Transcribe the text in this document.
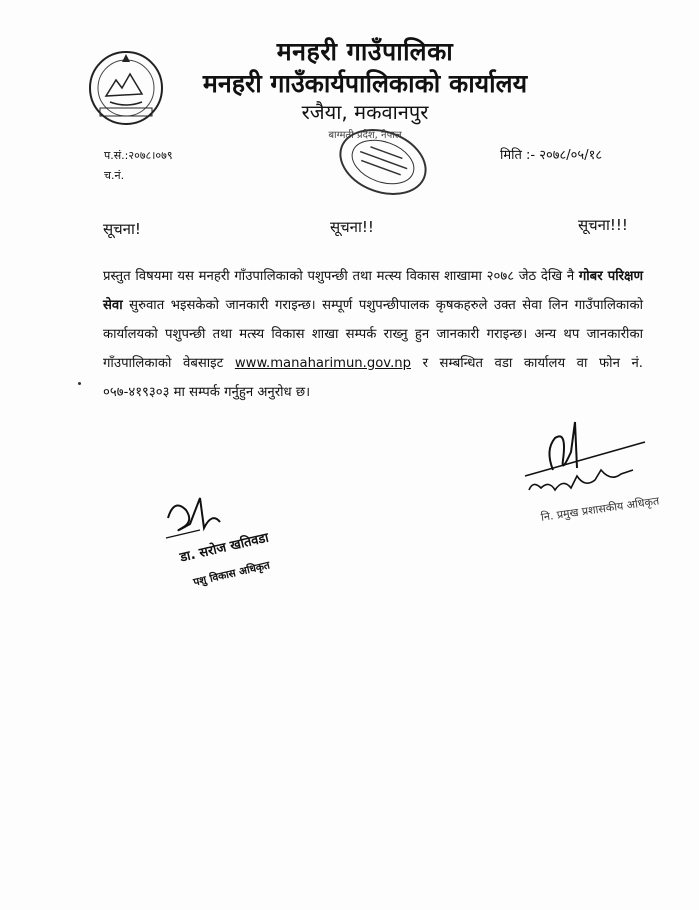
मनहरी गाउँपालिका
मनहरी गाउँकार्यपालिकाको कार्यालय
रजैया, मकवानपुर
बाग्मती प्रदेश, नेपाल
प.सं.:२०७८।०७९
च.नं.
मिति :- २०७८/०५/१८
सूचना!	सूचना!!	सूचना!!!
प्रस्तुत विषयमा यस मनहरी गाँउपालिकाको पशुपन्छी तथा मत्स्य विकास शाखामा २०७८ जेठ देखि नै गोबर परिक्षण सेवा सुरुवात भइसकेको जानकारी गराइन्छ। सम्पूर्ण पशुपन्छीपालक कृषकहरुले उक्त सेवा लिन गाउँपालिकाको कार्यालयको पशुपन्छी तथा मत्स्य विकास शाखा सम्पर्क राख्नु हुन जानकारी गराइन्छ। अन्य थप जानकारीका गाँउपालिकाको वेबसाइट www.manaharimun.gov.np र सम्बन्धित वडा कार्यालय वा फोन नं. ०५७-४१९३०३ मा सम्पर्क गर्नुहुन अनुरोध छ।
नि. प्रमुख प्रशासकीय अधिकृत
डा. सरोज खतिवडा
पशु विकास अधिकृत
